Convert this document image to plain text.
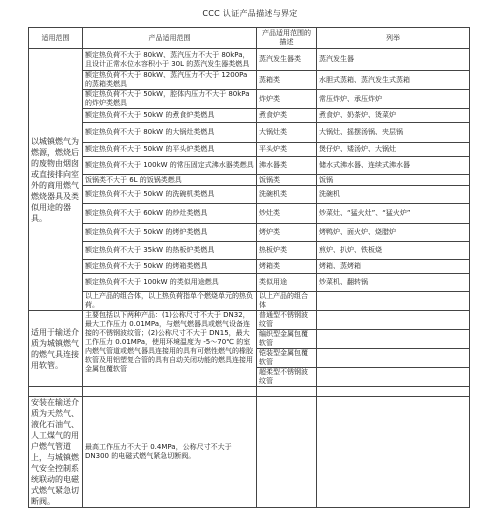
CCC 认证产品描述与界定
适用范围	产品适用范围	产品适用范围的描述	列举
以城镇燃气为燃源，燃烧后的废物由烟囱或直接排向室外的商用燃气燃烧器具及类似用途的器具。	额定热负荷不大于 80kW、蒸汽压力不大于 80kPa，且设计正常水位水容积小于 30L 的蒸汽发生器类燃具	蒸汽发生器类	蒸汽发生器
	额定热负荷不大于 80kW、蒸汽压力不大于 1200Pa 的蒸箱类燃具	蒸箱类	水胆式蒸箱、蒸汽发生式蒸箱
	额定热负荷不大于 50kW，腔体内压力不大于 80kPa 的炸炉类燃具	炸炉类	常压炸炉、承压炸炉
	额定热负荷不大于 50kW 的煮食炉类燃具	煮食炉类	煮食炉、奶茶炉、烫菜炉
	额定热负荷不大于 80kW 的大锅灶类燃具	大锅灶类	大锅灶、摇摆汤锅、夹层锅
	额定热负荷不大于 50kW 的平头炉类燃具	平头炉类	煲仔炉、矮汤炉、大锅灶
	额定热负荷不大于 100kW 的常压固定式沸水器类燃具	沸水器类	储水式沸水器、连续式沸水器
	饭锅类不大于 6L 的饭锅类燃具	饭锅类	饭锅
	额定热负荷不大于 50kW 的洗碗机类燃具	洗碗机类	洗碗机
	额定热负荷不大于 60kW 的炒灶类燃具	炒灶类	炒菜灶、“猛火灶”、“猛火炉”
	额定热负荷不大于 50kW 的烤炉类燃具	烤炉类	烤鸭炉、面火炉、烧腊炉
	额定热负荷不大于 35kW 的热板炉类燃具	热板炉类	煎炉、扒炉、铁板烧
	额定热负荷不大于 50kW 的烤箱类燃具	烤箱类	烤箱、蒸烤箱
	额定热负荷不大于 100kW 的类似用途燃具	类似用途	炒菜机、翻转锅
	以上产品的组合体，以上热负荷指单个燃烧单元的热负荷。	以上产品的组合体	
适用于输送介质为城镇燃气的燃气具连接用软管。	主要包括以下两种产品：(1)公称尺寸不大于 DN32，最大工作压力 0.01MPa，与燃气燃器具或燃气设备连接的不锈钢波纹管；(2)公称尺寸不大于 DN15，最大工作压力 0.01MPa，使用环境温度为 -5～70℃ 的室内燃气管道或燃气器具连接用的具有可燃性燃气的橡胶软管及用铝塑复合管的具有自动关闭功能的燃具连接用金属包覆软管	普通型不锈钢波纹管	
		编织型金属包覆软管	
		铠装型金属包覆软管	
		超柔型不锈钢波纹管	

安装在输送介质为天然气、液化石油气、人工煤气的用户燃气管道上，与城镇燃气安全控制系统联动的电磁式燃气紧急切断阀。	最高工作压力不大于 0.4MPa，公称尺寸不大于 DN300 的电磁式燃气紧急切断阀。		
